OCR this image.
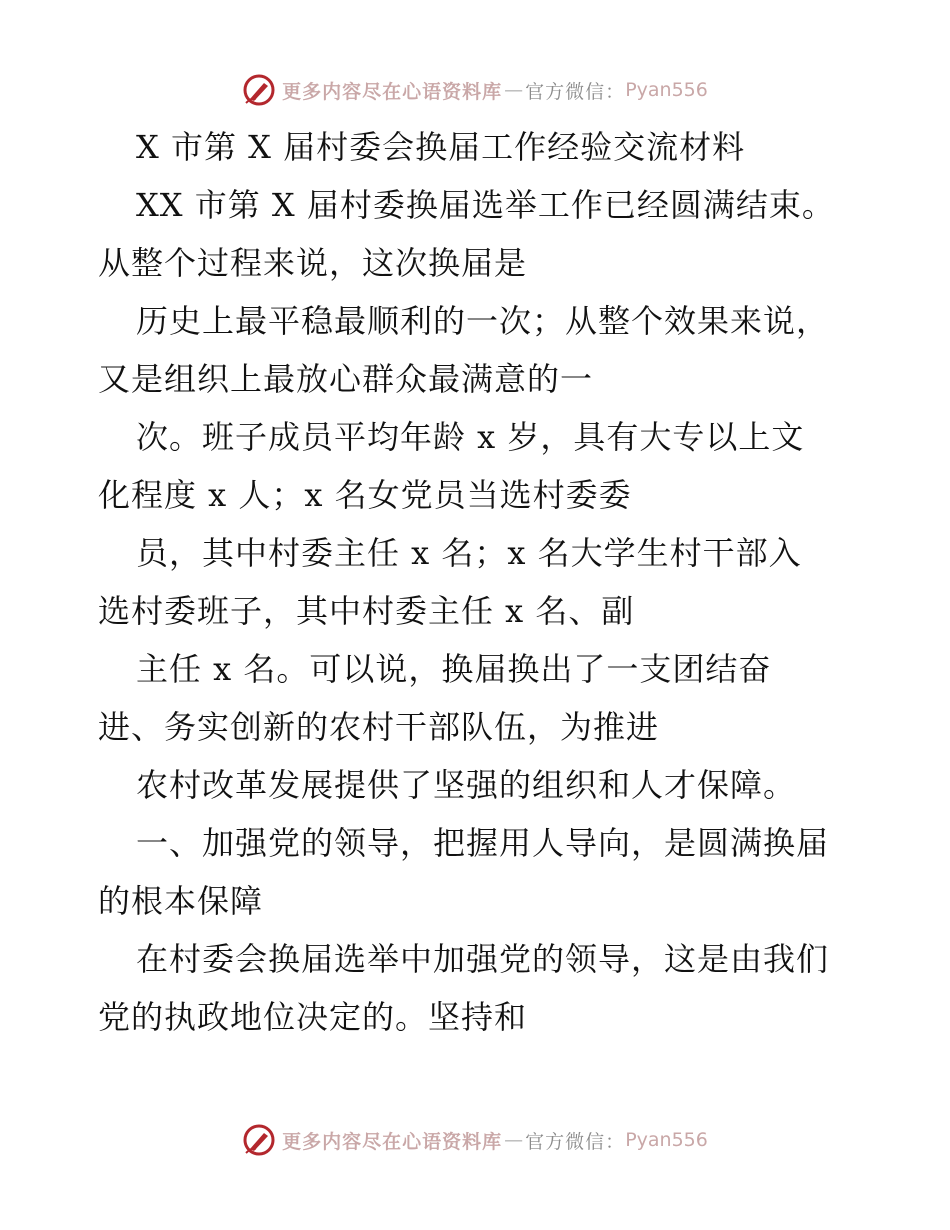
更多内容尽在心语资料库 — 官方微信： Pyan556
X 市第 X 届村委会换届工作经验交流材料
XX 市第 X 届村委换届选举工作已经圆满结束。
从整个过程来说，这次换届是
历史上最平稳最顺利的一次；从整个效果来说，
又是组织上最放心群众最满意的一
次。班子成员平均年龄 x 岁，具有大专以上文
化程度 x 人；x 名女党员当选村委委
员，其中村委主任 x 名；x 名大学生村干部入
选村委班子，其中村委主任 x 名、副
主任 x 名。可以说，换届换出了一支团结奋
进、务实创新的农村干部队伍，为推进
农村改革发展提供了坚强的组织和人才保障。
一、加强党的领导，把握用人导向，是圆满换届
的根本保障
在村委会换届选举中加强党的领导，这是由我们
党的执政地位决定的。坚持和
更多内容尽在心语资料库 — 官方微信： Pyan556
